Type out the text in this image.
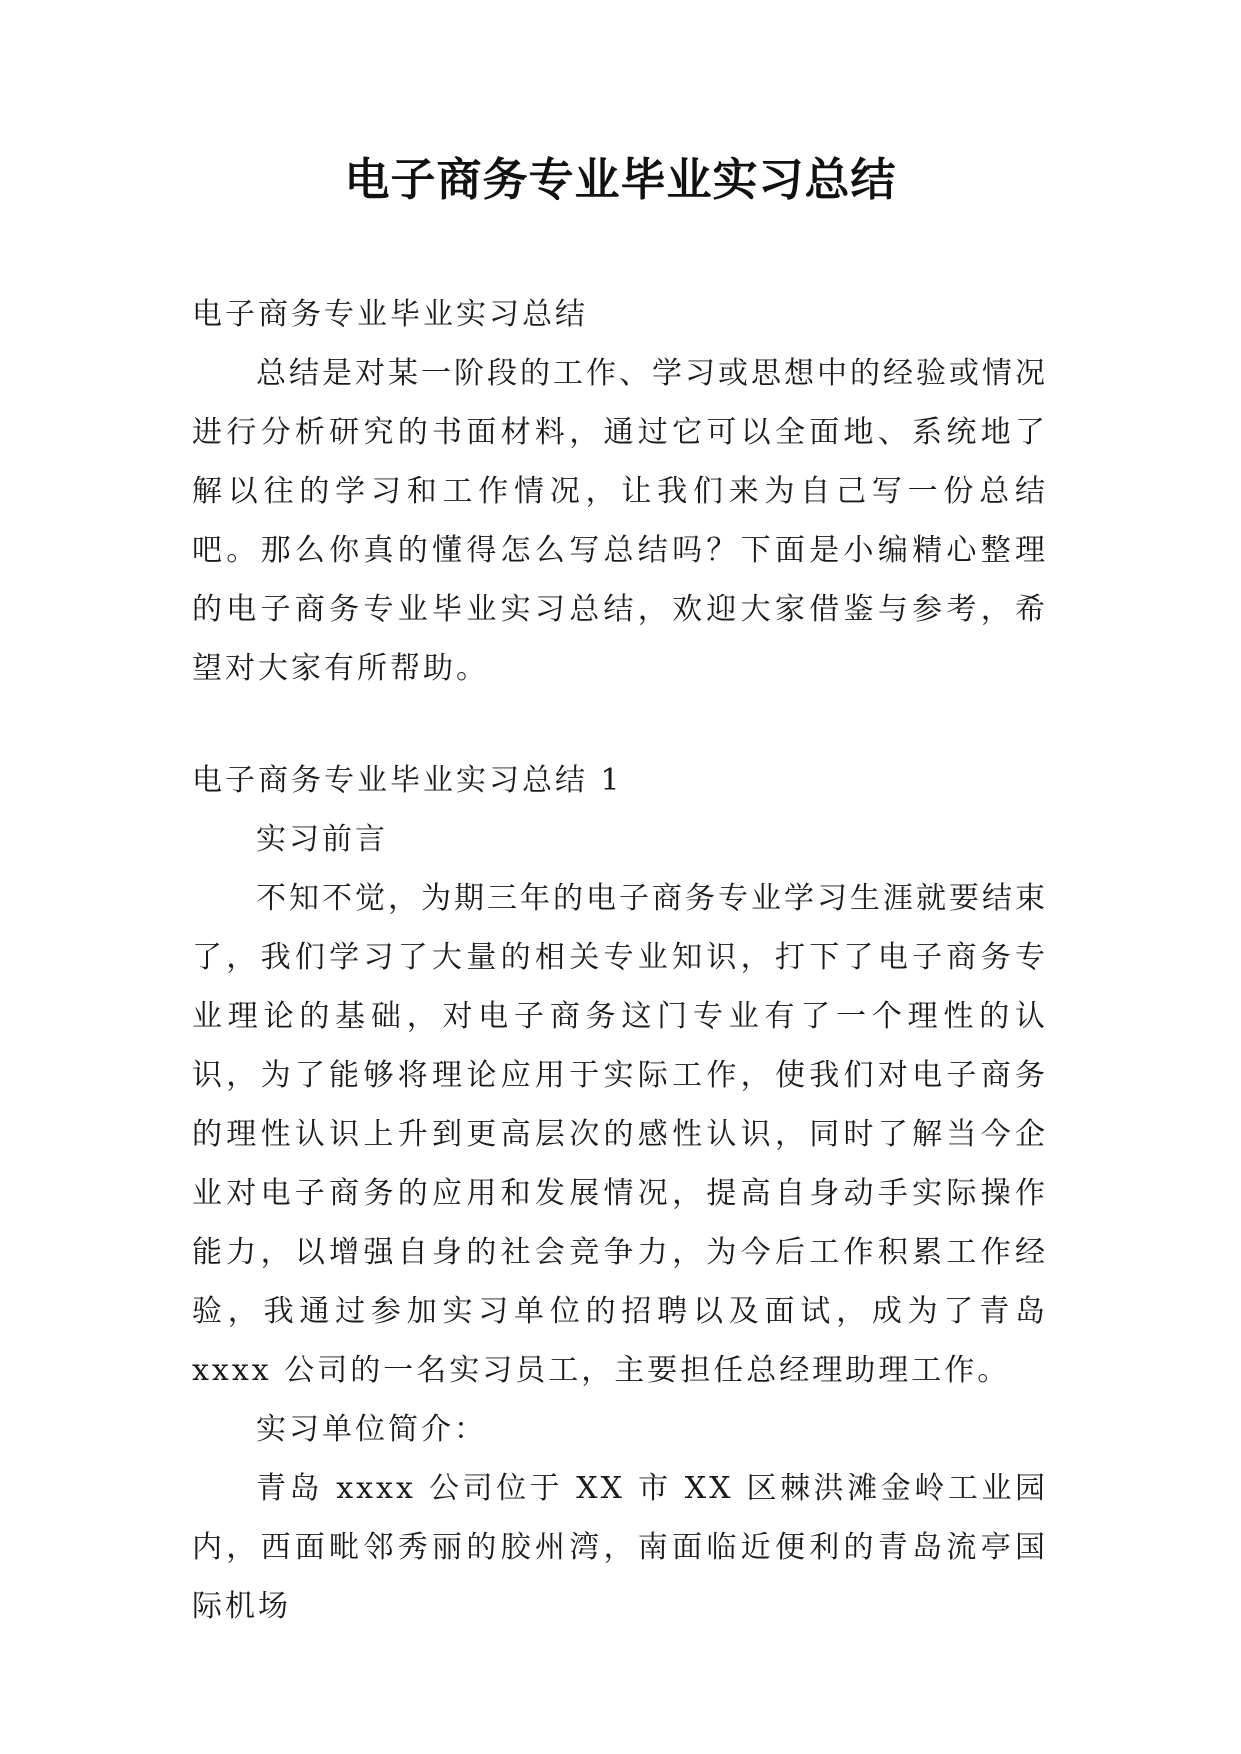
电子商务专业毕业实习总结

电子商务专业毕业实习总结

总结是对某一阶段的工作、学习或思想中的经验或情况进行分析研究的书面材料，通过它可以全面地、系统地了解以往的学习和工作情况，让我们来为自己写一份总结吧。那么你真的懂得怎么写总结吗？下面是小编精心整理的电子商务专业毕业实习总结，欢迎大家借鉴与参考，希望对大家有所帮助。

电子商务专业毕业实习总结 1

实习前言

不知不觉，为期三年的电子商务专业学习生涯就要结束了，我们学习了大量的相关专业知识，打下了电子商务专业理论的基础，对电子商务这门专业有了一个理性的认识，为了能够将理论应用于实际工作，使我们对电子商务的理性认识上升到更高层次的感性认识，同时了解当今企业对电子商务的应用和发展情况，提高自身动手实际操作能力，以增强自身的社会竞争力，为今后工作积累工作经验，我通过参加实习单位的招聘以及面试，成为了青岛 xxxx 公司的一名实习员工，主要担任总经理助理工作。

实习单位简介：

青岛 xxxx 公司位于 XX 市 XX 区棘洪滩金岭工业园内，西面毗邻秀丽的胶州湾，南面临近便利的青岛流亭国际机场
